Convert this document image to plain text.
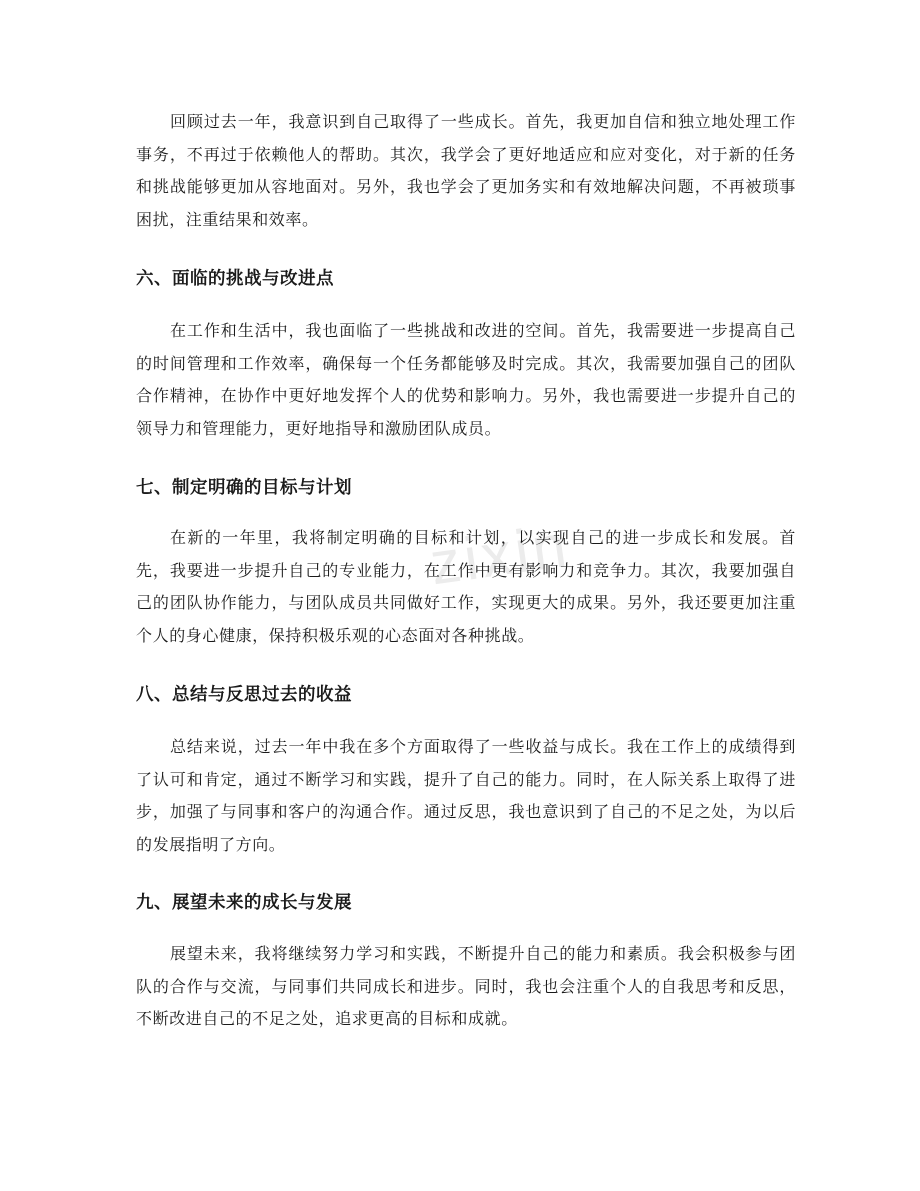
zixin

回顾过去一年，我意识到自己取得了一些成长。首先，我更加自信和独立地处理工作事务，不再过于依赖他人的帮助。其次，我学会了更好地适应和应对变化，对于新的任务和挑战能够更加从容地面对。另外，我也学会了更加务实和有效地解决问题，不再被琐事困扰，注重结果和效率。

六、面临的挑战与改进点

在工作和生活中，我也面临了一些挑战和改进的空间。首先，我需要进一步提高自己的时间管理和工作效率，确保每一个任务都能够及时完成。其次，我需要加强自己的团队合作精神，在协作中更好地发挥个人的优势和影响力。另外，我也需要进一步提升自己的领导力和管理能力，更好地指导和激励团队成员。

七、制定明确的目标与计划

在新的一年里，我将制定明确的目标和计划，以实现自己的进一步成长和发展。首先，我要进一步提升自己的专业能力，在工作中更有影响力和竞争力。其次，我要加强自己的团队协作能力，与团队成员共同做好工作，实现更大的成果。另外，我还要更加注重个人的身心健康，保持积极乐观的心态面对各种挑战。

八、总结与反思过去的收益

总结来说，过去一年中我在多个方面取得了一些收益与成长。我在工作上的成绩得到了认可和肯定，通过不断学习和实践，提升了自己的能力。同时，在人际关系上取得了进步，加强了与同事和客户的沟通合作。通过反思，我也意识到了自己的不足之处，为以后的发展指明了方向。

九、展望未来的成长与发展

展望未来，我将继续努力学习和实践，不断提升自己的能力和素质。我会积极参与团队的合作与交流，与同事们共同成长和进步。同时，我也会注重个人的自我思考和反思，不断改进自己的不足之处，追求更高的目标和成就。
